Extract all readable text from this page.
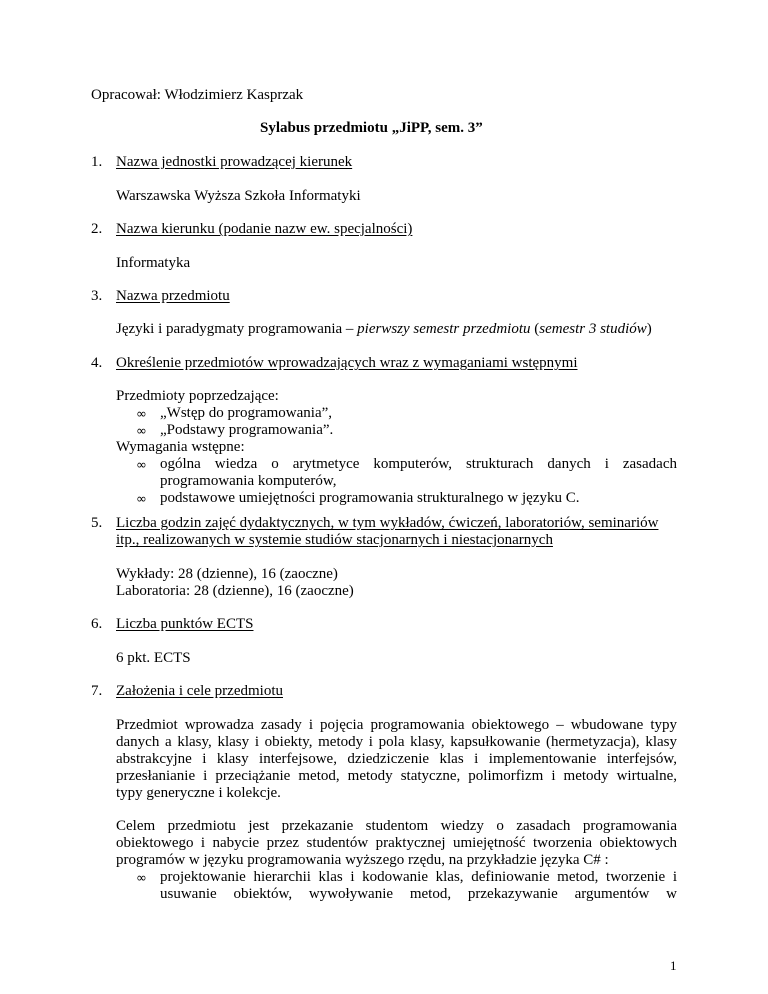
Opracował: Włodzimierz Kasprzak
Sylabus przedmiotu „JiPP, sem. 3”
1. Nazwa jednostki prowadzącej kierunek
Warszawska Wyższa Szkoła Informatyki
2. Nazwa kierunku (podanie nazw ew. specjalności)
Informatyka
3. Nazwa przedmiotu
Języki i paradygmaty programowania – pierwszy semestr przedmiotu (semestr 3 studiów)
4. Określenie przedmiotów wprowadzających wraz z wymaganiami wstępnymi
Przedmioty poprzedzające:
∞ „Wstęp do programowania”,
∞ „Podstawy programowania”.
Wymagania wstępne:
∞ ogólna wiedza o arytmetyce komputerów, strukturach danych i zasadach
programowania komputerów,
∞ podstawowe umiejętności programowania strukturalnego w języku C.
5. Liczba godzin zajęć dydaktycznych, w tym wykładów, ćwiczeń, laboratoriów, seminariów
itp., realizowanych w systemie studiów stacjonarnych i niestacjonarnych
Wykłady: 28 (dzienne), 16 (zaoczne)
Laboratoria: 28 (dzienne), 16 (zaoczne)
6. Liczba punktów ECTS
6 pkt. ECTS
7. Założenia i cele przedmiotu
Przedmiot wprowadza zasady i pojęcia programowania obiektowego – wbudowane typy
danych a klasy, klasy i obiekty, metody i pola klasy, kapsułkowanie (hermetyzacja), klasy
abstrakcyjne i klasy interfejsowe, dziedziczenie klas i implementowanie interfejsów,
przesłanianie i przeciążanie metod, metody statyczne, polimorfizm i metody wirtualne,
typy generyczne i kolekcje.
Celem przedmiotu jest przekazanie studentom wiedzy o zasadach programowania
obiektowego i nabycie przez studentów praktycznej umiejętność tworzenia obiektowych
programów w języku programowania wyższego rzędu, na przykładzie języka C# :
∞ projektowanie hierarchii klas i kodowanie klas, definiowanie metod, tworzenie i
usuwanie obiektów, wywoływanie metod, przekazywanie argumentów w
1
